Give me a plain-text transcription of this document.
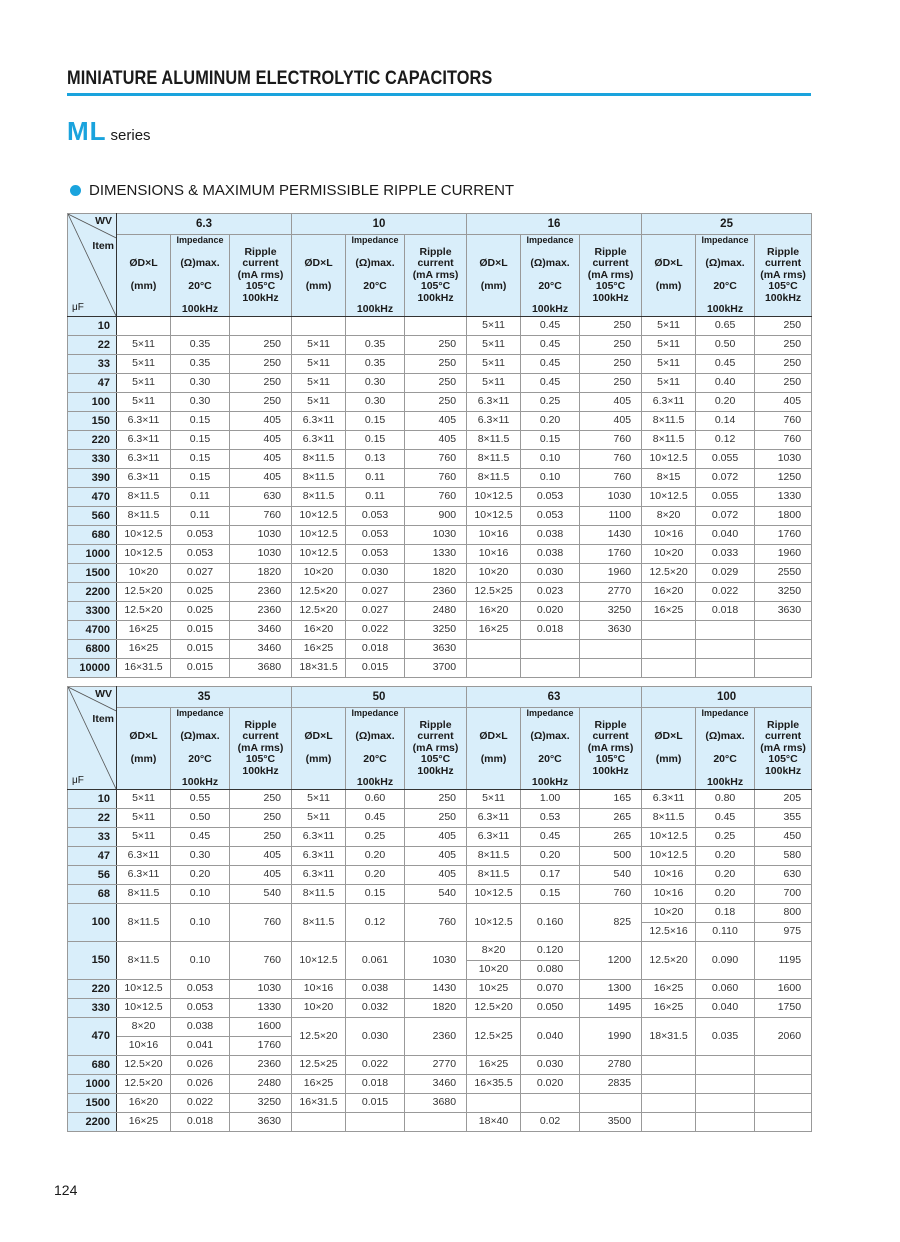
MINIATURE ALUMINUM ELECTROLYTIC CAPACITORS
ML series
DIMENSIONS & MAXIMUM PERMISSIBLE RIPPLE CURRENT
WV
Item
μF	6.3			10			16			25		
	ØD×L

(mm)	Impedance

(Ω)max.

20°C

100kHz	Ripple
current
(mA rms)
105°C
100kHz	ØD×L

(mm)	Impedance

(Ω)max.

20°C

100kHz	Ripple
current
(mA rms)
105°C
100kHz	ØD×L

(mm)	Impedance

(Ω)max.

20°C

100kHz	Ripple
current
(mA rms)
105°C
100kHz	ØD×L

(mm)	Impedance

(Ω)max.

20°C

100kHz	Ripple
current
(mA rms)
105°C
100kHz
10							5×11	0.45	250	5×11	0.65	250
22	5×11	0.35	250	5×11	0.35	250	5×11	0.45	250	5×11	0.50	250
33	5×11	0.35	250	5×11	0.35	250	5×11	0.45	250	5×11	0.45	250
47	5×11	0.30	250	5×11	0.30	250	5×11	0.45	250	5×11	0.40	250
100	5×11	0.30	250	5×11	0.30	250	6.3×11	0.25	405	6.3×11	0.20	405
150	6.3×11	0.15	405	6.3×11	0.15	405	6.3×11	0.20	405	8×11.5	0.14	760
220	6.3×11	0.15	405	6.3×11	0.15	405	8×11.5	0.15	760	8×11.5	0.12	760
330	6.3×11	0.15	405	8×11.5	0.13	760	8×11.5	0.10	760	10×12.5	0.055	1030
390	6.3×11	0.15	405	8×11.5	0.11	760	8×11.5	0.10	760	8×15	0.072	1250
470	8×11.5	0.11	630	8×11.5	0.11	760	10×12.5	0.053	1030	10×12.5	0.055	1330
560	8×11.5	0.11	760	10×12.5	0.053	900	10×12.5	0.053	1100	8×20	0.072	1800
680	10×12.5	0.053	1030	10×12.5	0.053	1030	10×16	0.038	1430	10×16	0.040	1760
1000	10×12.5	0.053	1030	10×12.5	0.053	1330	10×16	0.038	1760	10×20	0.033	1960
1500	10×20	0.027	1820	10×20	0.030	1820	10×20	0.030	1960	12.5×20	0.029	2550
2200	12.5×20	0.025	2360	12.5×20	0.027	2360	12.5×25	0.023	2770	16×20	0.022	3250
3300	12.5×20	0.025	2360	12.5×20	0.027	2480	16×20	0.020	3250	16×25	0.018	3630
4700	16×25	0.015	3460	16×20	0.022	3250	16×25	0.018	3630			
6800	16×25	0.015	3460	16×25	0.018	3630						
10000	16×31.5	0.015	3680	18×31.5	0.015	3700						
WV
Item
μF	35			50			63			100		
	ØD×L

(mm)	Impedance

(Ω)max.

20°C

100kHz	Ripple
current
(mA rms)
105°C
100kHz	ØD×L

(mm)	Impedance

(Ω)max.

20°C

100kHz	Ripple
current
(mA rms)
105°C
100kHz	ØD×L

(mm)	Impedance

(Ω)max.

20°C

100kHz	Ripple
current
(mA rms)
105°C
100kHz	ØD×L

(mm)	Impedance

(Ω)max.

20°C

100kHz	Ripple
current
(mA rms)
105°C
100kHz
10	5×11	0.55	250	5×11	0.60	250	5×11	1.00	165	6.3×11	0.80	205
22	5×11	0.50	250	5×11	0.45	250	6.3×11	0.53	265	8×11.5	0.45	355
33	5×11	0.45	250	6.3×11	0.25	405	6.3×11	0.45	265	10×12.5	0.25	450
47	6.3×11	0.30	405	6.3×11	0.20	405	8×11.5	0.20	500	10×12.5	0.20	580
56	6.3×11	0.20	405	6.3×11	0.20	405	8×11.5	0.17	540	10×16	0.20	630
68	8×11.5	0.10	540	8×11.5	0.15	540	10×12.5	0.15	760	10×16	0.20	700
100	8×11.5	0.10	760	8×11.5	0.12	760	10×12.5	0.160	825	10×20	0.18	800
										12.5×16	0.110	975
150	8×11.5	0.10	760	10×12.5	0.061	1030	8×20	0.120	1200	12.5×20	0.090	1195
							10×20	0.080				
220	10×12.5	0.053	1030	10×16	0.038	1430	10×25	0.070	1300	16×25	0.060	1600
330	10×12.5	0.053	1330	10×20	0.032	1820	12.5×20	0.050	1495	16×25	0.040	1750
470	8×20	0.038	1600	12.5×20	0.030	2360	12.5×25	0.040	1990	18×31.5	0.035	2060
	10×16	0.041	1760									
680	12.5×20	0.026	2360	12.5×25	0.022	2770	16×25	0.030	2780			
1000	12.5×20	0.026	2480	16×25	0.018	3460	16×35.5	0.020	2835			
1500	16×20	0.022	3250	16×31.5	0.015	3680						
2200	16×25	0.018	3630				18×40	0.02	3500			
124
